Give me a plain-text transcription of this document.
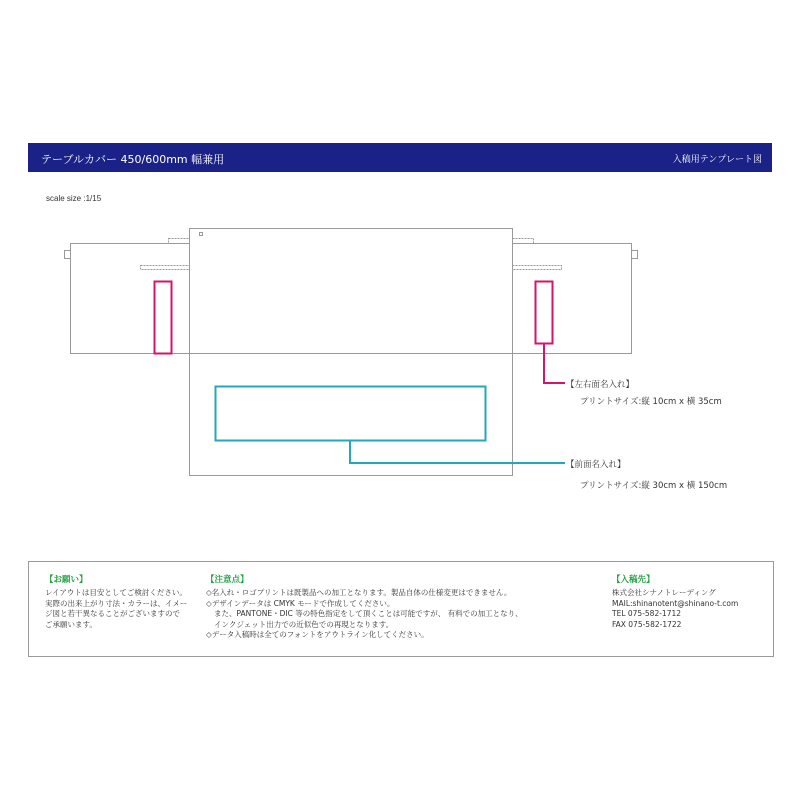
テーブルカバー 450/600mm 幅兼用	入稿用テンプレート図
scale size :1/15
【左右面名入れ】
プリントサイズ:縦 10cm x 横 35cm
【前面名入れ】
プリントサイズ:縦 30cm x 横 150cm
【お願い】
レイアウトは目安としてご検討ください。
実際の出来上がり寸法・カラーは、イメー
ジ図と若干異なることがございますので
ご承願います。
【注意点】
◇名入れ・ロゴプリントは既製品への加工となります。製品自体の仕様変更はできません。
◇デザインデータは CMYK モードで作成してください。
また、PANTONE・DIC 等の特色指定をして頂くことは可能ですが、 有料での加工となり、
インクジェット出力での近似色での再現となります。
◇データ入稿時は全てのフォントをアウトライン化してください。
【入稿先】
株式会社シナノトレーディング
MAIL:shinanotent@shinano-t.com
TEL 075-582-1712
FAX 075-582-1722
